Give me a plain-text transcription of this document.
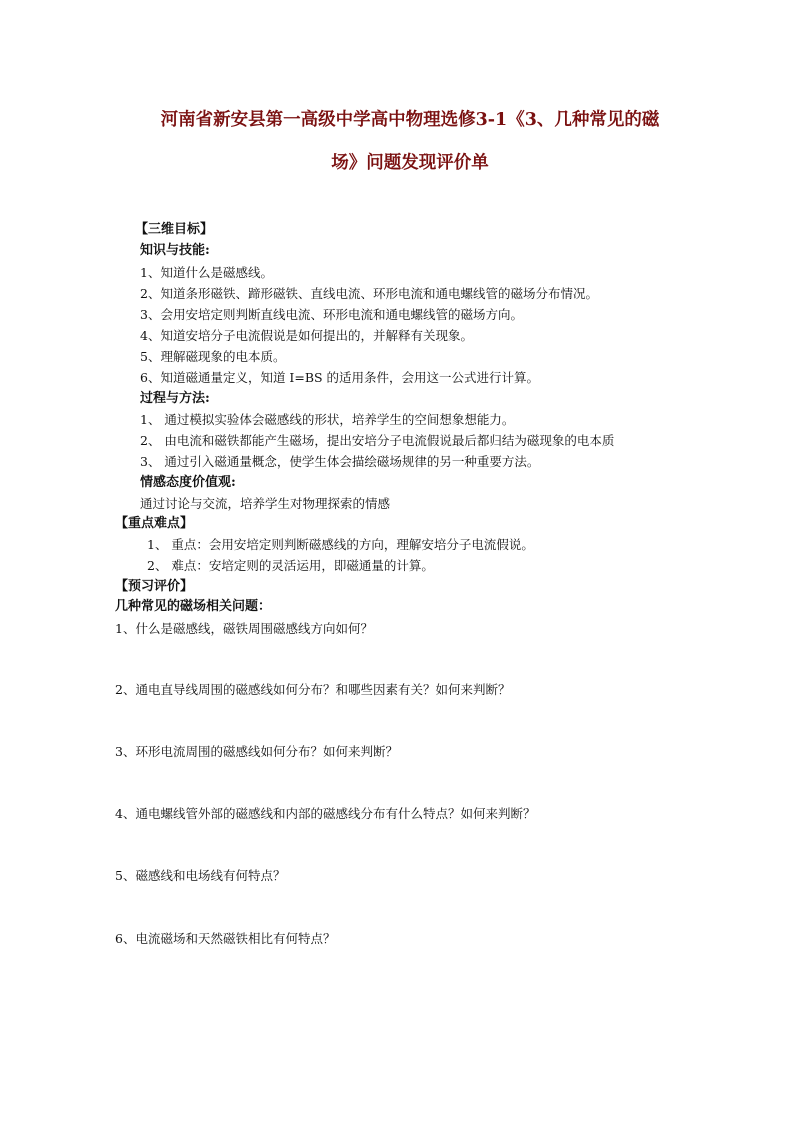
河南省新安县第一高级中学高中物理选修3-1《3、几种常见的磁
场》问题发现评价单
【三维目标】
知识与技能:
1、知道什么是磁感线。
2、知道条形磁铁、蹄形磁铁、直线电流、环形电流和通电螺线管的磁场分布情况。
3、会用安培定则判断直线电流、环形电流和通电螺线管的磁场方向。
4、知道安培分子电流假说是如何提出的，并解释有关现象。
5、理解磁现象的电本质。
6、知道磁通量定义，知道 I=BS 的适用条件，会用这一公式进行计算。
过程与方法:
1、 通过模拟实验体会磁感线的形状，培养学生的空间想象想能力。
2、 由电流和磁铁都能产生磁场，提出安培分子电流假说最后都归结为磁现象的电本质
3、 通过引入磁通量概念，使学生体会描绘磁场规律的另一种重要方法。
情感态度价值观:
通过讨论与交流，培养学生对物理探索的情感
【重点难点】
1、 重点：会用安培定则判断磁感线的方向，理解安培分子电流假说。
2、 难点：安培定则的灵活运用，即磁通量的计算。
【预习评价】
几种常见的磁场相关问题：
1、什么是磁感线，磁铁周围磁感线方向如何？
2、通电直导线周围的磁感线如何分布？和哪些因素有关？如何来判断？
3、环形电流周围的磁感线如何分布？如何来判断？
4、通电螺线管外部的磁感线和内部的磁感线分布有什么特点？如何来判断？
5、磁感线和电场线有何特点？
6、电流磁场和天然磁铁相比有何特点？
